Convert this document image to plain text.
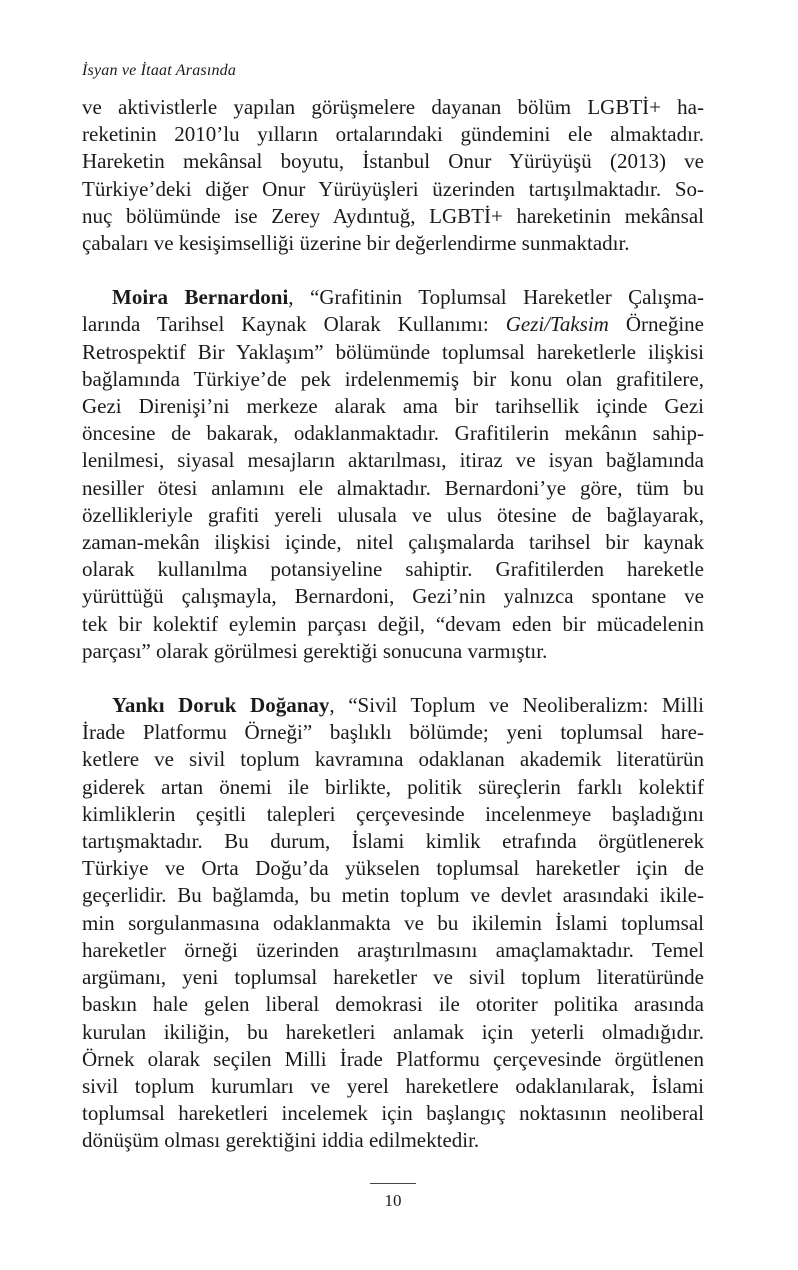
İsyan ve İtaat Arasında

ve aktivistlerle yapılan görüşmelere dayanan bölüm LGBTİ+ ha-

reketinin 2010’lu yılların ortalarındaki gündemini ele almaktadır.

Hareketin mekânsal boyutu, İstanbul Onur Yürüyüşü (2013) ve

Türkiye’deki diğer Onur Yürüyüşleri üzerinden tartışılmaktadır. So-

nuç bölümünde ise Zerey Aydıntuğ, LGBTİ+ hareketinin mekânsal

çabaları ve kesişimselliği üzerine bir değerlendirme sunmaktadır.

Moira Bernardoni, “Grafitinin Toplumsal Hareketler Çalışma-

larında Tarihsel Kaynak Olarak Kullanımı: Gezi/Taksim Örneğine

Retrospektif Bir Yaklaşım” bölümünde toplumsal hareketlerle ilişkisi

bağlamında Türkiye’de pek irdelenmemiş bir konu olan grafitilere,

Gezi Direnişi’ni merkeze alarak ama bir tarihsellik içinde Gezi

öncesine de bakarak, odaklanmaktadır. Grafitilerin mekânın sahip-

lenilmesi, siyasal mesajların aktarılması, itiraz ve isyan bağlamında

nesiller ötesi anlamını ele almaktadır. Bernardoni’ye göre, tüm bu

özellikleriyle grafiti yereli ulusala ve ulus ötesine de bağlayarak,

zaman-mekân ilişkisi içinde, nitel çalışmalarda tarihsel bir kaynak

olarak kullanılma potansiyeline sahiptir. Grafitilerden hareketle

yürüttüğü çalışmayla, Bernardoni, Gezi’nin yalnızca spontane ve

tek bir kolektif eylemin parçası değil, “devam eden bir mücadelenin

parçası” olarak görülmesi gerektiği sonucuna varmıştır.

Yankı Doruk Doğanay, “Sivil Toplum ve Neoliberalizm: Milli

İrade Platformu Örneği” başlıklı bölümde; yeni toplumsal hare-

ketlere ve sivil toplum kavramına odaklanan akademik literatürün

giderek artan önemi ile birlikte, politik süreçlerin farklı kolektif

kimliklerin çeşitli talepleri çerçevesinde incelenmeye başladığını

tartışmaktadır. Bu durum, İslami kimlik etrafında örgütlenerek

Türkiye ve Orta Doğu’da yükselen toplumsal hareketler için de

geçerlidir. Bu bağlamda, bu metin toplum ve devlet arasındaki ikile-

min sorgulanmasına odaklanmakta ve bu ikilemin İslami toplumsal

hareketler örneği üzerinden araştırılmasını amaçlamaktadır. Temel

argümanı, yeni toplumsal hareketler ve sivil toplum literatüründe

baskın hale gelen liberal demokrasi ile otoriter politika arasında

kurulan ikiliğin, bu hareketleri anlamak için yeterli olmadığıdır.

Örnek olarak seçilen Milli İrade Platformu çerçevesinde örgütlenen

sivil toplum kurumları ve yerel hareketlere odaklanılarak, İslami

toplumsal hareketleri incelemek için başlangıç noktasının neoliberal

dönüşüm olması gerektiğini iddia edilmektedir.

10
